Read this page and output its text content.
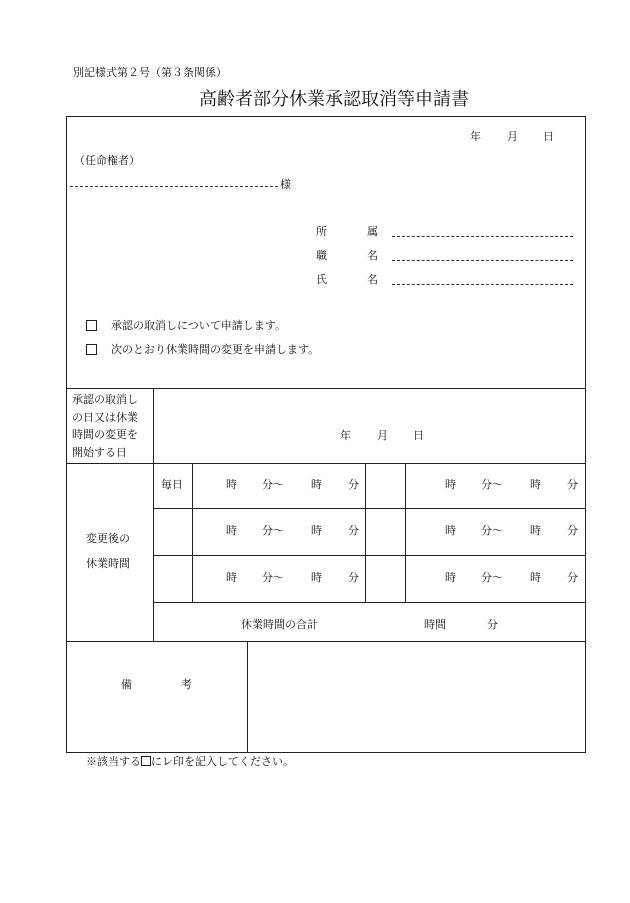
別記様式第２号（第３条関係）
高齢者部分休業承認取消等申請書
年 月 日
（任命権者）
様
所	属
職	名
氏	名
承認の取消しについて申請します。
次のとおり休業時間の変更を申請します。
承認の取消し
の日又は休業
時間の変更を
開始する日
年 月 日
変更後の
休業時間
毎日	時 分～ 時 分	時 分～ 時 分
時 分～ 時 分	時 分～ 時 分
時 分～ 時 分	時 分～ 時 分
休業時間の合計	時間	分
備	考
※該当する にレ印を記入してください。
